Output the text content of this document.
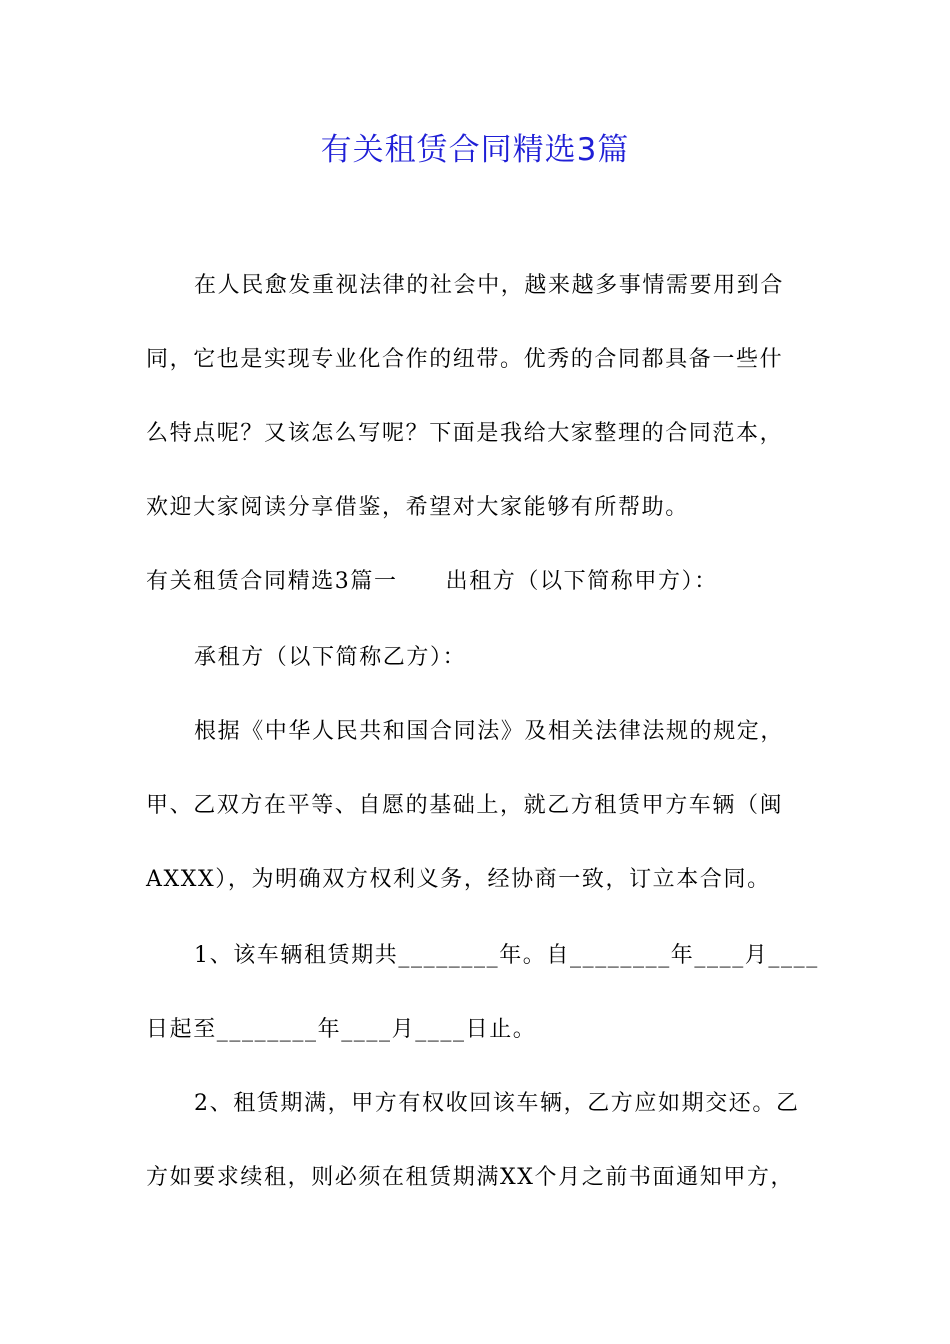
有关租赁合同精选3篇
在人民愈发重视法律的社会中，越来越多事情需要用到合
同，它也是实现专业化合作的纽带。优秀的合同都具备一些什
么特点呢？又该怎么写呢？下面是我给大家整理的合同范本，
欢迎大家阅读分享借鉴，希望对大家能够有所帮助。
有关租赁合同精选3篇一 出租方（以下简称甲方）：
承租方（以下简称乙方）：
根据《中华人民共和国合同法》及相关法律法规的规定，
甲、乙双方在平等、自愿的基础上，就乙方租赁甲方车辆（闽
AXXX），为明确双方权利义务，经协商一致，订立本合同。
1、该车辆租赁期共________年。自________年____月____
日起至________年____月____日止。
2、租赁期满，甲方有权收回该车辆，乙方应如期交还。乙
方如要求续租，则必须在租赁期满XX个月之前书面通知甲方，
